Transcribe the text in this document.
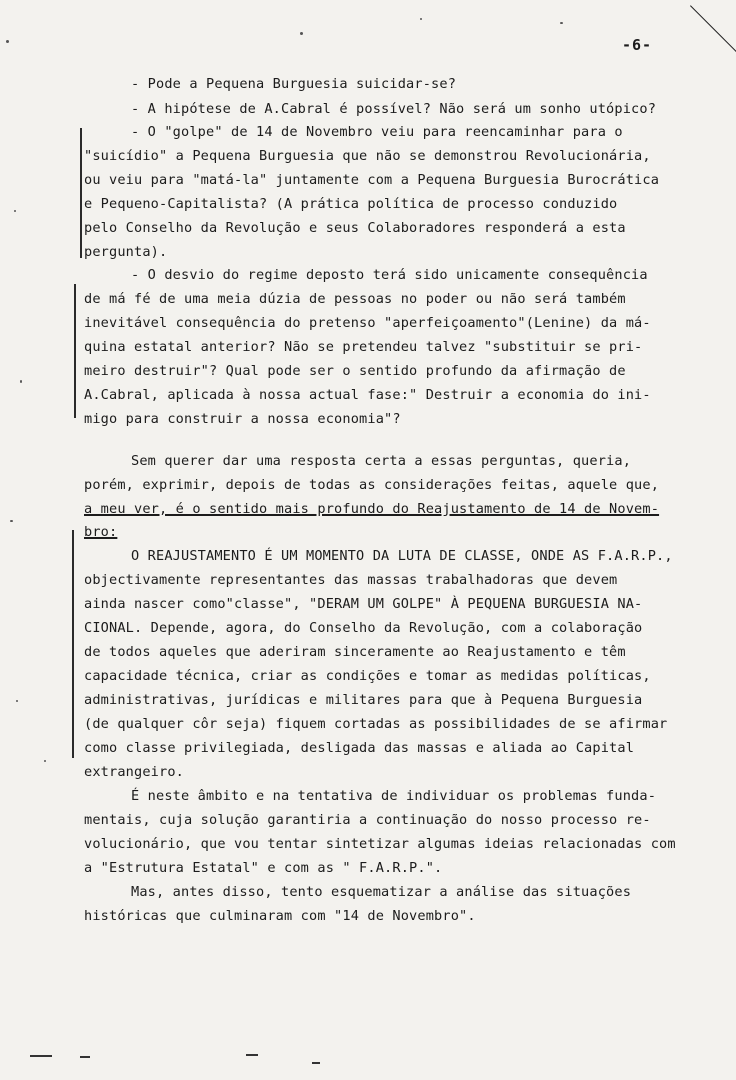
-6-
- Pode a Pequena Burguesia suicidar-se?
- A hipótese de A.Cabral é possível? Não será um sonho utópico?
- O "golpe" de 14 de Novembro veiu para reencaminhar para o
"suicídio" a Pequena Burguesia que não se demonstrou Revolucionária,
ou veiu para "matá-la" juntamente com a Pequena Burguesia Burocrática
e Pequeno-Capitalista? (A prática política de processo conduzido
pelo Conselho da Revolução e seus Colaboradores responderá a esta
pergunta).
- O desvio do regime deposto terá sido unicamente consequência
de má fé de uma meia dúzia de pessoas no poder ou não será também
inevitável consequência do pretenso "aperfeiçoamento"(Lenine) da má-
quina estatal anterior? Não se pretendeu talvez "substituir se pri-
meiro destruir"? Qual pode ser o sentido profundo da afirmação de
A.Cabral, aplicada à nossa actual fase:" Destruir a economia do ini-
migo para construir a nossa economia"?
Sem querer dar uma resposta certa a essas perguntas, queria,
porém, exprimir, depois de todas as considerações feitas, aquele que,
a meu ver, é o sentido mais profundo do Reajustamento de 14 de Novem-
bro:
O REAJUSTAMENTO É UM MOMENTO DA LUTA DE CLASSE, ONDE AS F.A.R.P.,
objectivamente representantes das massas trabalhadoras que devem
ainda nascer como"classe", "DERAM UM GOLPE" À PEQUENA BURGUESIA NA-
CIONAL. Depende, agora, do Conselho da Revolução, com a colaboração
de todos aqueles que aderiram sinceramente ao Reajustamento e têm
capacidade técnica, criar as condições e tomar as medidas políticas,
administrativas, jurídicas e militares para que à Pequena Burguesia
(de qualquer côr seja) fiquem cortadas as possibilidades de se afirmar
como classe privilegiada, desligada das massas e aliada ao Capital
extrangeiro.
É neste âmbito e na tentativa de individuar os problemas funda-
mentais, cuja solução garantiria a continuação do nosso processo re-
volucionário, que vou tentar sintetizar algumas ideias relacionadas com
a "Estrutura Estatal" e com as " F.A.R.P.".
Mas, antes disso, tento esquematizar a análise das situações
históricas que culminaram com "14 de Novembro".
